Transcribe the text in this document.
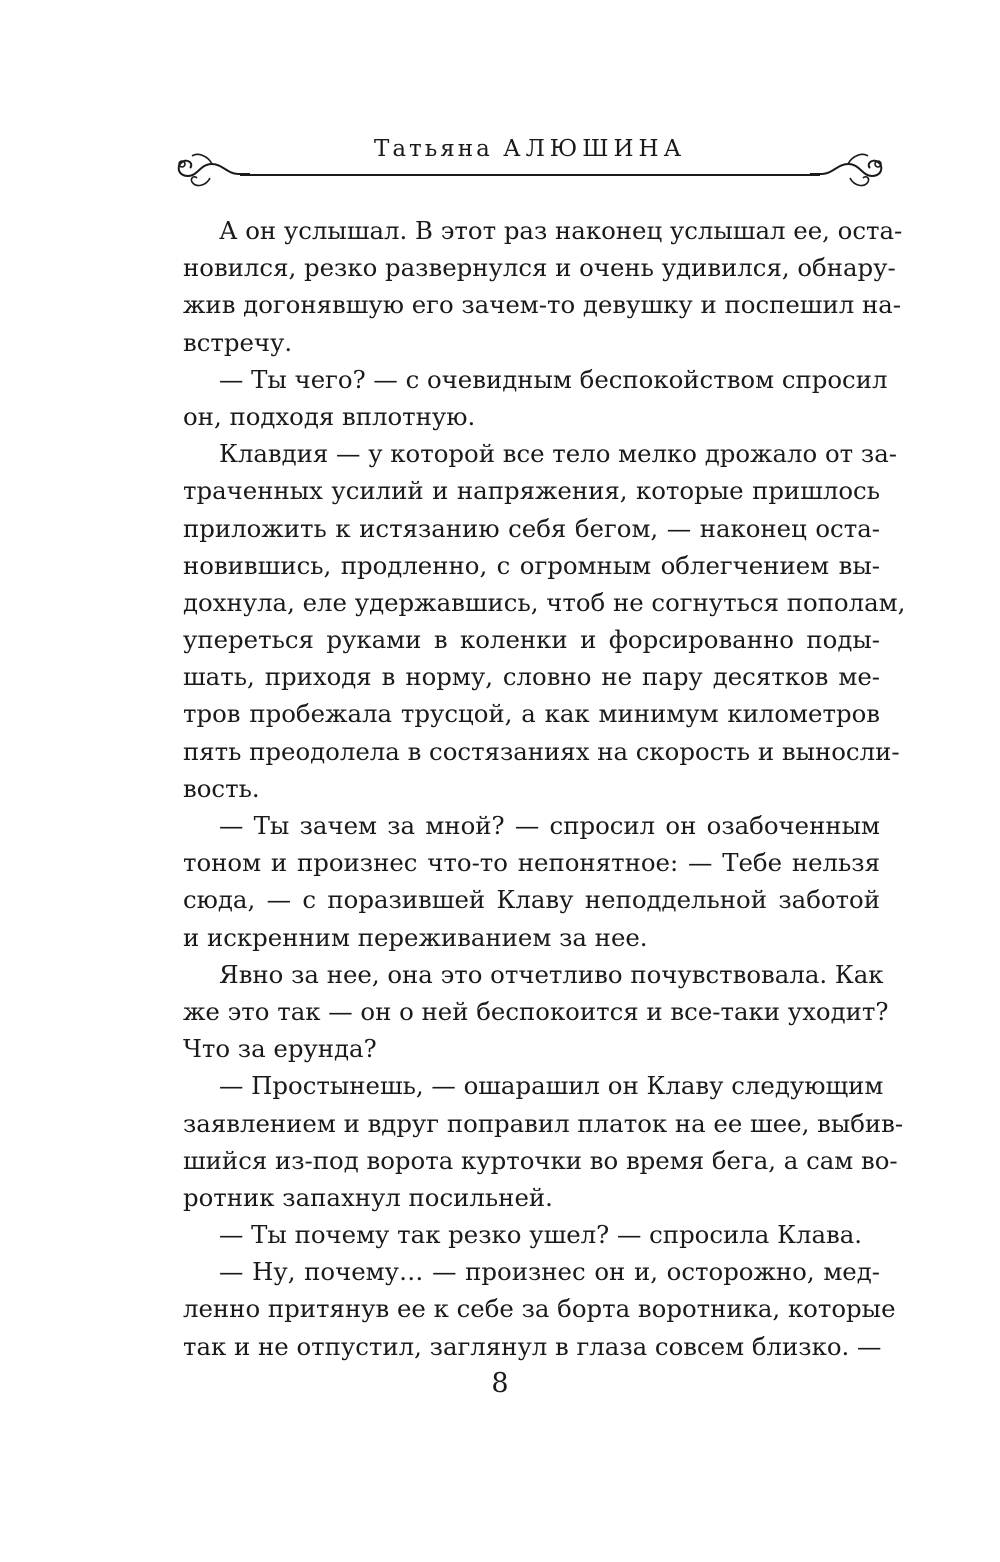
Татьяна АЛЮШИНА
А он услышал. В этот раз наконец услышал ее, оста-
новился, резко развернулся и очень удивился, обнару-
жив догонявшую его зачем-то девушку и поспешил на-
встречу.
— Ты чего? — с очевидным беспокойством спросил
он, подходя вплотную.
Клавдия — у которой все тело мелко дрожало от за-
траченных усилий и напряжения, которые пришлось
приложить к истязанию себя бегом, — наконец оста-
новившись, продленно, с огромным облегчением вы-
дохнула, еле удержавшись, чтоб не согнуться пополам,
упереться руками в коленки и форсированно поды-
шать, приходя в норму, словно не пару десятков ме-
тров пробежала трусцой, а как минимум километров
пять преодолела в состязаниях на скорость и выносли-
вость.
— Ты зачем за мной? — спросил он озабоченным
тоном и произнес что-то непонятное: — Тебе нельзя
сюда, — с поразившей Клаву неподдельной заботой
и искренним переживанием за нее.
Явно за нее, она это отчетливо почувствовала. Как
же это так — он о ней беспокоится и все-таки уходит?
Что за ерунда?
— Простынешь, — ошарашил он Клаву следующим
заявлением и вдруг поправил платок на ее шее, выбив-
шийся из-под ворота курточки во время бега, а сам во-
ротник запахнул посильней.
— Ты почему так резко ушел? — спросила Клава.
— Ну, почему… — произнес он и, осторожно, мед-
ленно притянув ее к себе за борта воротника, которые
так и не отпустил, заглянул в глаза совсем близко. —
8
